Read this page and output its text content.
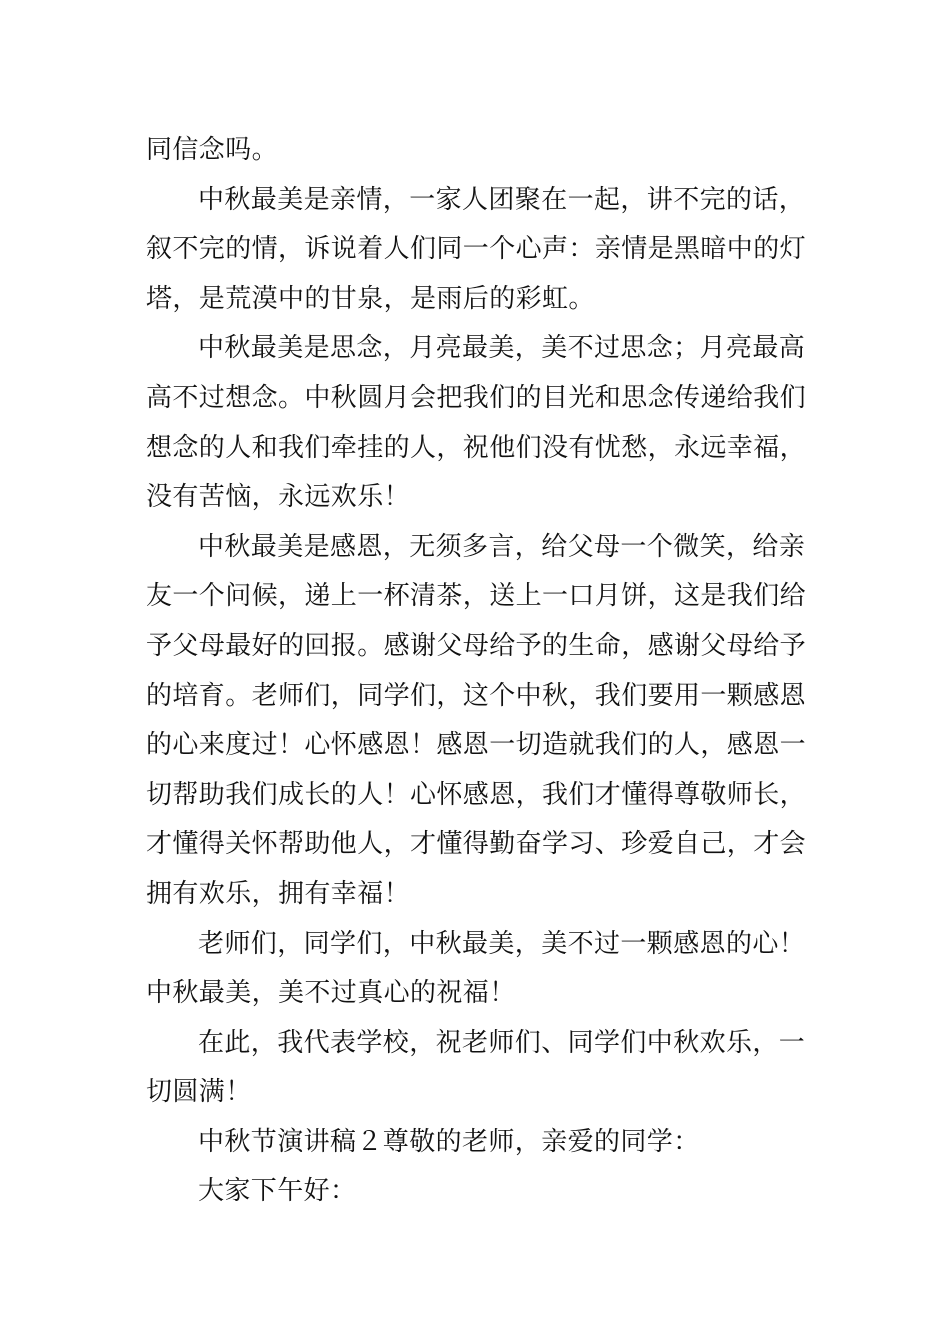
同信念吗。
中秋最美是亲情，一家人团聚在一起，讲不完的话，
叙不完的情，诉说着人们同一个心声：亲情是黑暗中的灯
塔，是荒漠中的甘泉，是雨后的彩虹。
中秋最美是思念，月亮最美，美不过思念；月亮最高
高不过想念。中秋圆月会把我们的目光和思念传递给我们
想念的人和我们牵挂的人，祝他们没有忧愁，永远幸福，
没有苦恼，永远欢乐！
中秋最美是感恩，无须多言，给父母一个微笑，给亲
友一个问候，递上一杯清茶，送上一口月饼，这是我们给
予父母最好的回报。感谢父母给予的生命，感谢父母给予
的培育。老师们，同学们，这个中秋，我们要用一颗感恩
的心来度过！心怀感恩！感恩一切造就我们的人，感恩一
切帮助我们成长的人！心怀感恩，我们才懂得尊敬师长，
才懂得关怀帮助他人，才懂得勤奋学习、珍爱自己，才会
拥有欢乐，拥有幸福！
老师们，同学们，中秋最美，美不过一颗感恩的心！
中秋最美，美不过真心的祝福！
在此，我代表学校，祝老师们、同学们中秋欢乐，一
切圆满！
中秋节演讲稿２尊敬的老师，亲爱的同学：
大家下午好：
